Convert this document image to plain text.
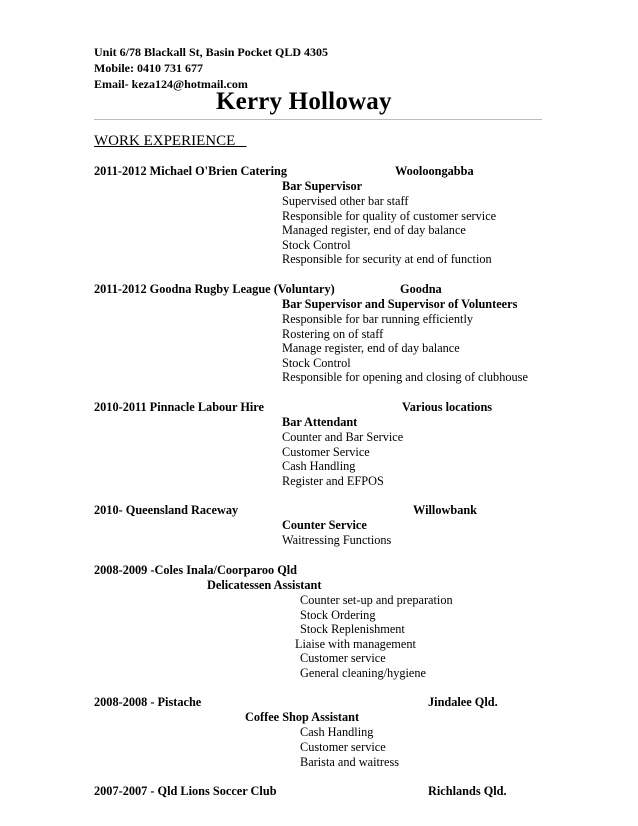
Unit 6/78 Blackall St, Basin Pocket QLD 4305
Mobile: 0410 731 677
Email- keza124@hotmail.com
Kerry Holloway
WORK EXPERIENCE
2011-2012 Michael O'Brien Catering	Wooloongabba
Bar Supervisor
Supervised other bar staff
Responsible for quality of customer service
Managed register, end of day balance
Stock Control
Responsible for security at end of function
2011-2012 Goodna Rugby League (Voluntary)	Goodna
Bar Supervisor and Supervisor of Volunteers
Responsible for bar running efficiently
Rostering on of staff
Manage register, end of day balance
Stock Control
Responsible for opening and closing of clubhouse
2010-2011 Pinnacle Labour Hire	Various locations
Bar Attendant
Counter and Bar Service
Customer Service
Cash Handling
Register and EFPOS
2010- Queensland Raceway	Willowbank
Counter Service
Waitressing Functions
2008-2009 -Coles Inala/Coorparoo Qld
Delicatessen Assistant
Counter set-up and preparation
Stock Ordering
Stock Replenishment
Liaise with management
Customer service
General cleaning/hygiene
2008-2008 - Pistache	Jindalee Qld.
Coffee Shop Assistant
Cash Handling
Customer service
Barista and waitress
2007-2007 - Qld Lions Soccer Club	Richlands Qld.
